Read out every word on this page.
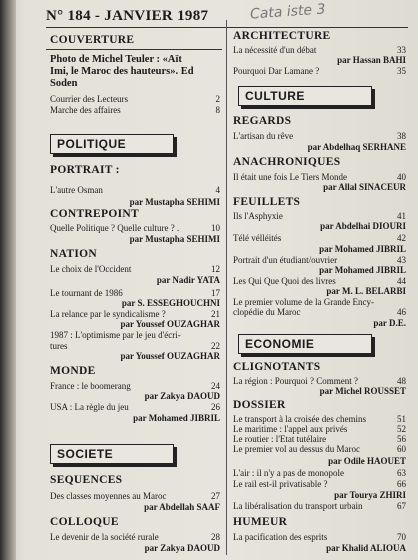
N° 184 - JANVIER 1987	Cata iste 3
COUVERTURE
Photo de Michel Teuler : «Aït
Imi, le Maroc des hauteurs». Ed
Soden
Courrier des Lecteurs	2
Marche des affaires	8
POLITIQUE
PORTRAIT :
L'autre Osman	4
par Mustapha SEHIMI
CONTREPOINT
Quelle Politique ? Quelle culture ? .	10
par Mustapha SEHIMI
NATION
Le choix de l'Occident	12
par Nadir YATA
Le tournant de 1986	17
par S. ESSEGHOUCHNI
La relance par le syndicalisme ?	21
par Youssef OUZAGHAR
1987 : L'optimisme par le jeu d'écri-
tures	22
par Youssef OUZAGHAR
MONDE
France : le boomerang	24
par Zakya DAOUD
USA : La règle du jeu	26
par Mohamed JIBRIL
SOCIETE
SEQUENCES
Des classes moyennes au Maroc	27
par Abdellah SAAF
COLLOQUE
Le devenir de la société rurale	28
par Zakya DAOUD
ARCHITECTURE
La nécessité d'un débat	33
par Hassan BAHI
Pourquoi Dar Lamane ?	35
CULTURE
REGARDS
L'artisan du rêve	38
par Abdelhaq SERHANE
ANACHRONIQUES
Il était une fois Le Tiers Monde	40
par Allal SINACEUR
FEUILLETS
Ils l'Asphyxie	41
par Abdelhai DIOURI
Télé vélléités	42
par Mohamed JIBRIL
Portrait d'un étudiant/ouvrier	43
par Mohamed JIBRIL
Les Qui Que Quoi des livres	44
par M. L. BELARBI
Le premier volume de la Grande Ency-
clopédie du Maroc	46
par D.E.
ECONOMIE
CLIGNOTANTS
La région : Pourquoi ? Comment ?	48
par Michel ROUSSET
DOSSIER
Le transport à la croisée des chemins	51
Le maritime : l'appel aux privés	52
Le routier : l'Etat tutélaire	56
Le premier vol au dessus du Maroc	60
par Odile HAOUET
L'air : il n'y a pas de monopole	63
Le rail est-il privatisable ?	66
par Tourya ZHIRI
La libéralisation du transport urbain	67
HUMEUR
La pacification des esprits	70
par Khalid ALIOUA
